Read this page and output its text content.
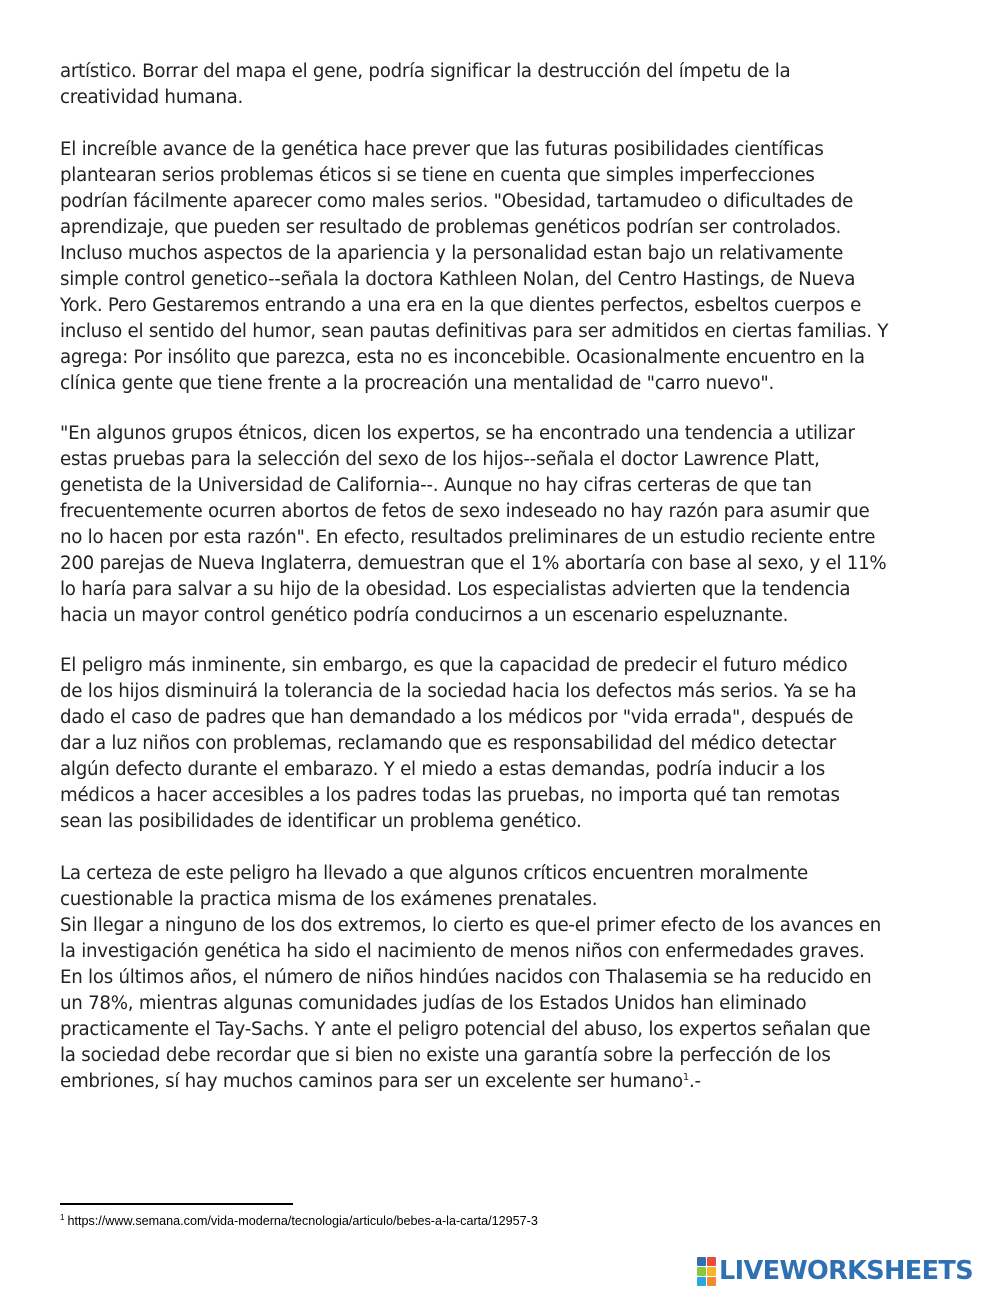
artístico. Borrar del mapa el gene, podría significar la destrucción del ímpetu de la
creatividad humana.
El increíble avance de la genética hace prever que las futuras posibilidades científicas
plantearan serios problemas éticos si se tiene en cuenta que simples imperfecciones
podrían fácilmente aparecer como males serios. "Obesidad, tartamudeo o dificultades de
aprendizaje, que pueden ser resultado de problemas genéticos podrían ser controlados.
Incluso muchos aspectos de la apariencia y la personalidad estan bajo un relativamente
simple control genetico--señala la doctora Kathleen Nolan, del Centro Hastings, de Nueva
York. Pero Gestaremos entrando a una era en la que dientes perfectos, esbeltos cuerpos e
incluso el sentido del humor, sean pautas definitivas para ser admitidos en ciertas familias. Y
agrega: Por insólito que parezca, esta no es inconcebible. Ocasionalmente encuentro en la
clínica gente que tiene frente a la procreación una mentalidad de "carro nuevo".
"En algunos grupos étnicos, dicen los expertos, se ha encontrado una tendencia a utilizar
estas pruebas para la selección del sexo de los hijos--señala el doctor Lawrence Platt,
genetista de la Universidad de California--. Aunque no hay cifras certeras de que tan
frecuentemente ocurren abortos de fetos de sexo indeseado no hay razón para asumir que
no lo hacen por esta razón". En efecto, resultados preliminares de un estudio reciente entre
200 parejas de Nueva Inglaterra, demuestran que el 1% abortaría con base al sexo, y el 11%
lo haría para salvar a su hijo de la obesidad. Los especialistas advierten que la tendencia
hacia un mayor control genético podría conducirnos a un escenario espeluznante.
El peligro más inminente, sin embargo, es que la capacidad de predecir el futuro médico
de los hijos disminuirá la tolerancia de la sociedad hacia los defectos más serios. Ya se ha
dado el caso de padres que han demandado a los médicos por "vida errada", después de
dar a luz niños con problemas, reclamando que es responsabilidad del médico detectar
algún defecto durante el embarazo. Y el miedo a estas demandas, podría inducir a los
médicos a hacer accesibles a los padres todas las pruebas, no importa qué tan remotas
sean las posibilidades de identificar un problema genético.
La certeza de este peligro ha llevado a que algunos críticos encuentren moralmente
cuestionable la practica misma de los exámenes prenatales.
Sin llegar a ninguno de los dos extremos, lo cierto es que-el primer efecto de los avances en
la investigación genética ha sido el nacimiento de menos niños con enfermedades graves.
En los últimos años, el número de niños hindúes nacidos con Thalasemia se ha reducido en
un 78%, mientras algunas comunidades judías de los Estados Unidos han eliminado
practicamente el Tay-Sachs. Y ante el peligro potencial del abuso, los expertos señalan que
la sociedad debe recordar que si bien no existe una garantía sobre la perfección de los
embriones, sí hay muchos caminos para ser un excelente ser humano$^1$.-
$^1$ https://www.semana.com/vida-moderna/tecnologia/articulo/bebes-a-la-carta/12957-3
LIVEWORKSHEETS
